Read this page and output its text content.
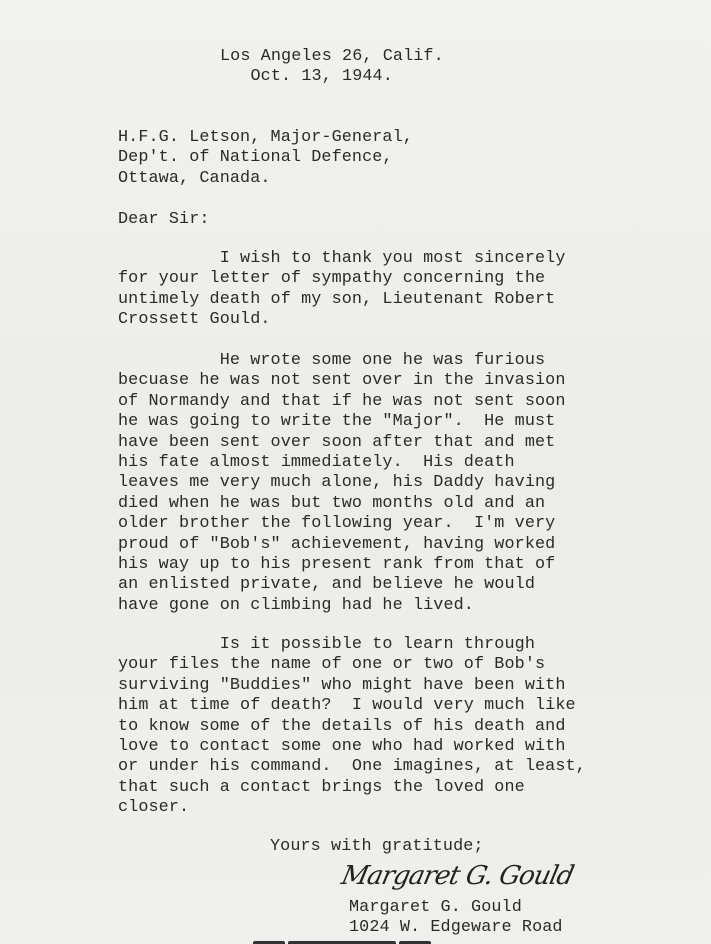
Los Angeles 26, Calif.
Oct. 13, 1944.
H.F.G. Letson, Major-General,
Dep't. of National Defence,
Ottawa, Canada.
Dear Sir:
I wish to thank you most sincerely
for your letter of sympathy concerning the
untimely death of my son, Lieutenant Robert
Crossett Gould.
He wrote some one he was furious
becuase he was not sent over in the invasion
of Normandy and that if he was not sent soon
he was going to write the "Major".  He must
have been sent over soon after that and met
his fate almost immediately.  His death
leaves me very much alone, his Daddy having
died when he was but two months old and an
older brother the following year.  I'm very
proud of "Bob's" achievement, having worked
his way up to his present rank from that of
an enlisted private, and believe he would
have gone on climbing had he lived.
Is it possible to learn through
your files the name of one or two of Bob's
surviving "Buddies" who might have been with
him at time of death?  I would very much like
to know some of the details of his death and
love to contact some one who had worked with
or under his command.  One imagines, at least,
that such a contact brings the loved one
closer.
Yours with gratitude;
Margaret G. Gould
Margaret G. Gould
1024 W. Edgeware Road
